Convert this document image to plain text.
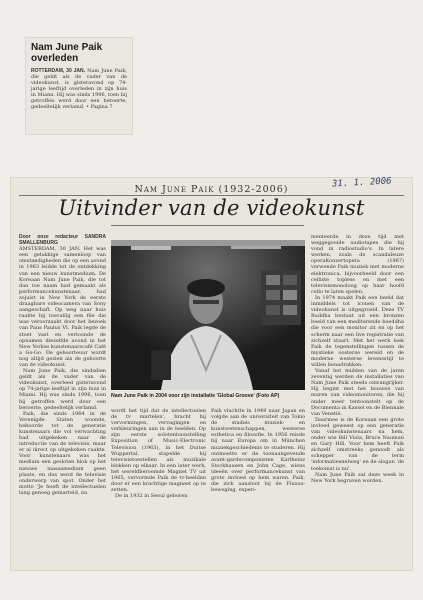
Nam June Paik
overleden

ROTTERDAM, 30 JAN. Nam June Paik, die geldt als de vader van de videokunst, is gisteravond op 74-jarige leeftijd overleden in zijn huis in Miami. Hij was sinds 1996, toen hij getroffen werd door een beroerte, gedeeltelijk verlamd. • Pagina 7

31. 1. 2006
Nam June Paik (1932-2006)
Uitvinder van de videokunst

Door onze redacteur SANDRA SMALLENBURG

AMSTERDAM, 30 JAN. Het was een gelukkige samenloop van omstandigheden die op een avond in 1963 leidde tot de ontdekking van een nieuw kunstmedium. De Koreaan Nam June Paik, die tot dan toe naam had gemaakt als performancekunstenaar, had zojuist in New York de eerste draagbare videocamera van Sony aangeschaft. Op weg naar huis raakte hij toevallig een file die was veroorzaakt door het bezoek van Paus Paulus VI. Paik legde de stoet vast en vertoonde de opnamen diezelfde avond in het New Yorkse kunstenaarscafé Café a Go-Go. De geboorteuur wordt nog altijd gezien als de geboorte van de videokunst.

Nam June Paik, die sindsdien geldt als de vader van de videokunst, overleed gisteravond op 74-jarige leeftijd in zijn huis in Miami. Hij was sinds 1996, toen hij getroffen werd door een beroerte, gedeeltelijk verlamd.

Paik, die sinds 1964 in de Verenigde Staten woonde, behoorde tot de generatie kunstenaars die vol verwachting had uitgekeken naar de introductie van de televisie, maar er al direct op uitgekeken raakte. Voor kunstenaars was het medium een gesloten blok op het nieuwe massamedium geen plaats, en dus werd de televisie onderwerp van spot. Onder het motto 'Je hoeft de intellectuelen lang genoeg gemarteld, nu

Nam June Paik in 2004 voor zijn installatie 'Global Groove' (Foto AP)

wordt het tijd dat de intellectuelen de tv martelen', bracht hij vervormingen, vervagingen en verkleuringen aan in de beelden. Op zijn eerste solotentoonstelling Exposition of Music-Electronic Television (1963), in het Duitse Wuppertal, stapelde hij televisietoestellen als muzikale blokken op elkaar. In een later werk, het wereldberoemde Magnet TV uit 1965, vervormde Paik de tv-beelden door er een krachtige magneet op te zetten.

De in 1932 in Seoul geboren

Paik vluchtte in 1949 naar Japan en volgde aan de universiteit van Tokio de studies muziek- en kunstwetenschappen, westerse esthetica en filosofie. In 1956 reisde hij naar Europa om in München muziekgeschiedenis te studeren. Hij ontmoette er de toonaangevende avant-gardecomponisten Karlheinz Stockhausen en John Cage, wiens ideeën over performancekunst van grote invloed op hem waren. Paik, die zich aansloot bij de Fluxus-beweging, experi-

menteerde in deze tijd met weggegooide audiotapes die hij vond in radiostudio's. In latere werken, zoals de scandaleuze operaKonzertopera (1967) verwende Paik muziek met moderne elektronica, bijvoorbeeld door een celliste topless en met een televisiemonoloog op haar hoofd cello te laten spelen.

In 1974 maakt Paik een beeld dat inmiddels tot iconen van de videokunst is uitgegroeid. Deze TV Buddha bestaat uit een bronzen beeld van een mediterende boeddha die voor een monitor zit en op het scherm naar een live registratie van zichzelf staart. Met het werk leek Paik de tegenstellingen tussen de mystieke oosterse wereld en de moderne westerse levensstijl te willen benadrukken.

Vanaf het midden van de jaren zeventig werden de installaties van Nam June Paik steeds omvangrijker. Hij begint met het bouwen van muren van videomonitoren, die hij onder meer tentoonstelt op de Documenta in Kassel en de Biennale van Venetië.

Daarmee is de Koreaan een grote invloed geweest op een generatie van videokunstenaars na hem, onder wie Bill Viola, Bruce Nauman en Gary Hill. Voor hem heeft Paik zichzelf omstreeks genoodt als schepper van de term 'informatiesnelweg' en de slogan 'de toekomst is nu'.

Nam June Paik zal deze week in New York begraven worden.
